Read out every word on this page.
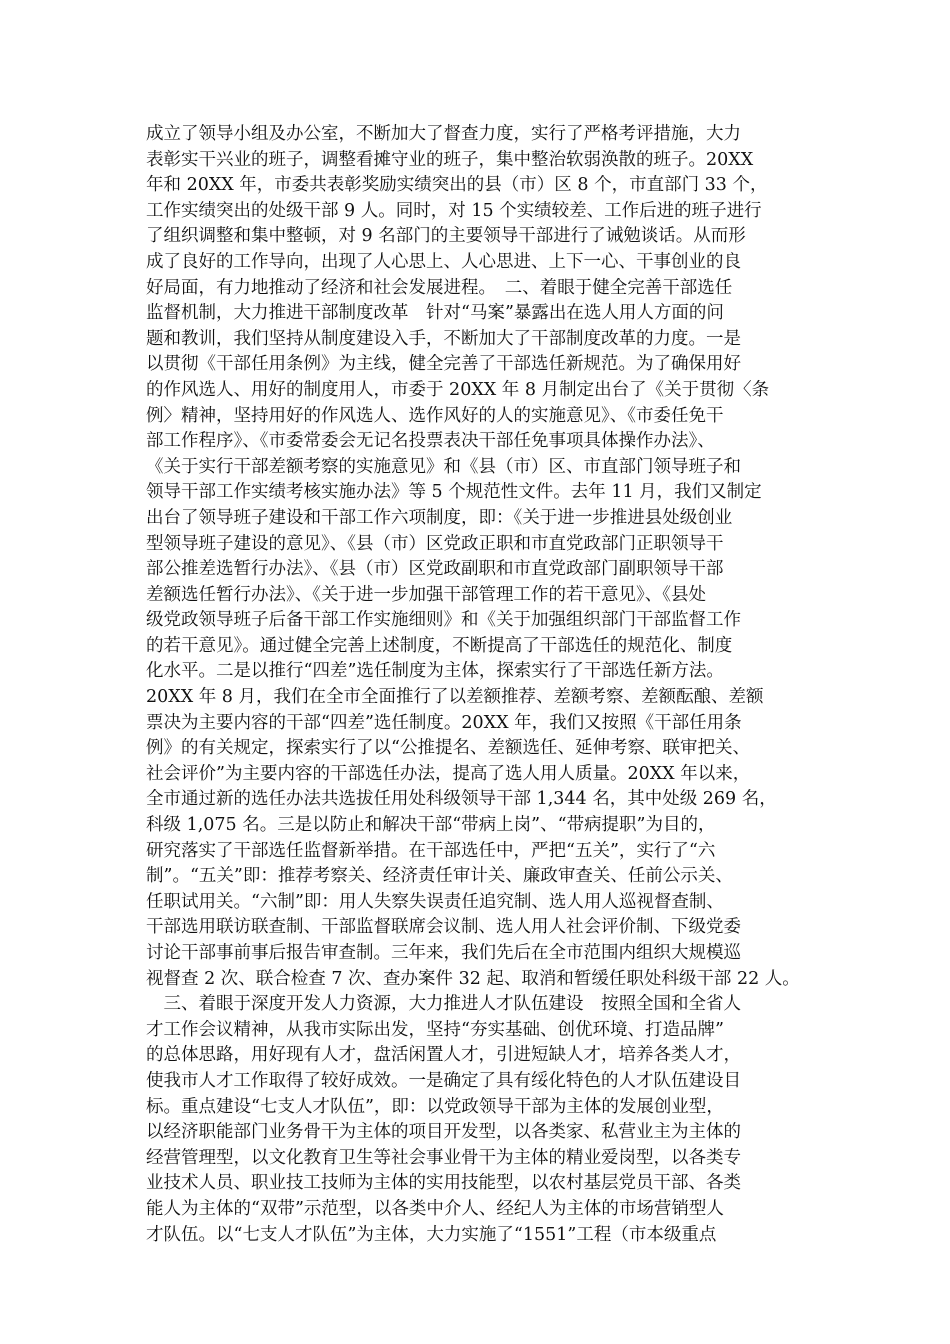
成立了领导小组及办公室，不断加大了督查力度，实行了严格考评措施，大力
表彰实干兴业的班子，调整看摊守业的班子，集中整治软弱涣散的班子。20XX
年和 20XX 年，市委共表彰奖励实绩突出的县（市）区 8 个，市直部门 33 个，
工作实绩突出的处级干部 9 人。同时，对 15 个实绩较差、工作后进的班子进行
了组织调整和集中整顿，对 9 名部门的主要领导干部进行了诫勉谈话。从而形
成了良好的工作导向，出现了人心思上、人心思进、上下一心、干事创业的良
好局面，有力地推动了经济和社会发展进程。　二、着眼于健全完善干部选任
监督机制，大力推进干部制度改革　针对“马案”暴露出在选人用人方面的问
题和教训，我们坚持从制度建设入手，不断加大了干部制度改革的力度。一是
以贯彻《干部任用条例》为主线，健全完善了干部选任新规范。为了确保用好
的作风选人、用好的制度用人，市委于 20XX 年 8 月制定出台了《关于贯彻〈条
例〉精神，坚持用好的作风选人、选作风好的人的实施意见》、《市委任免干
部工作程序》、《市委常委会无记名投票表决干部任免事项具体操作办法》、
《关于实行干部差额考察的实施意见》和《县（市）区、市直部门领导班子和
领导干部工作实绩考核实施办法》等 5 个规范性文件。去年 11 月，我们又制定
出台了领导班子建设和干部工作六项制度，即：《关于进一步推进县处级创业
型领导班子建设的意见》、《县（市）区党政正职和市直党政部门正职领导干
部公推差选暂行办法》、《县（市）区党政副职和市直党政部门副职领导干部
差额选任暂行办法》、《关于进一步加强干部管理工作的若干意见》、《县处
级党政领导班子后备干部工作实施细则》和《关于加强组织部门干部监督工作
的若干意见》。通过健全完善上述制度，不断提高了干部选任的规范化、制度
化水平。二是以推行“四差”选任制度为主体，探索实行了干部选任新方法。
20XX 年 8 月，我们在全市全面推行了以差额推荐、差额考察、差额酝酿、差额
票决为主要内容的干部“四差”选任制度。20XX 年，我们又按照《干部任用条
例》的有关规定，探索实行了以“公推提名、差额选任、延伸考察、联审把关、
社会评价”为主要内容的干部选任办法，提高了选人用人质量。20XX 年以来，
全市通过新的选任办法共选拔任用处科级领导干部 1,344 名，其中处级 269 名，
科级 1,075 名。三是以防止和解决干部“带病上岗”、“带病提职”为目的，
研究落实了干部选任监督新举措。在干部选任中，严把“五关”，实行了“六
制”。“五关”即：推荐考察关、经济责任审计关、廉政审查关、任前公示关、
任职试用关。“六制”即：用人失察失误责任追究制、选人用人巡视督查制、
干部选用联访联查制、干部监督联席会议制、选人用人社会评价制、下级党委
讨论干部事前事后报告审查制。三年来，我们先后在全市范围内组织大规模巡
视督查 2 次、联合检查 7 次、查办案件 32 起、取消和暂缓任职处科级干部 22 人。
　三、着眼于深度开发人力资源，大力推进人才队伍建设　按照全国和全省人
才工作会议精神，从我市实际出发，坚持“夯实基础、创优环境、打造品牌”
的总体思路，用好现有人才，盘活闲置人才，引进短缺人才，培养各类人才，
使我市人才工作取得了较好成效。一是确定了具有绥化特色的人才队伍建设目
标。重点建设“七支人才队伍”，即：以党政领导干部为主体的发展创业型，
以经济职能部门业务骨干为主体的项目开发型，以各类家、私营业主为主体的
经营管理型，以文化教育卫生等社会事业骨干为主体的精业爱岗型，以各类专
业技术人员、职业技工技师为主体的实用技能型，以农村基层党员干部、各类
能人为主体的“双带”示范型，以各类中介人、经纪人为主体的市场营销型人
才队伍。以“七支人才队伍”为主体，大力实施了“1551”工程（市本级重点
